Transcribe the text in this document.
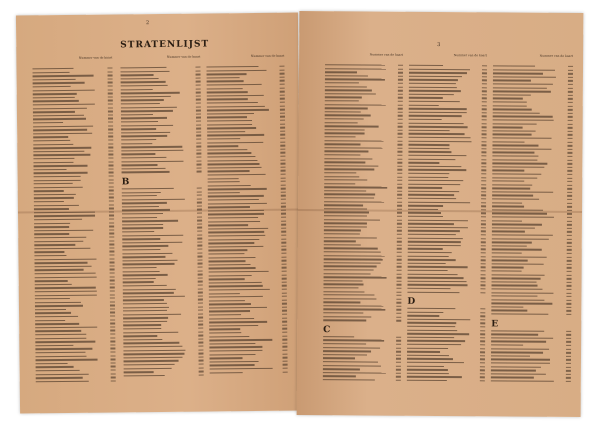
2
STRATENLIJST
Nummer van de kaart	Nummer van de kaart
B
Nummer van de kaart
3
Nummer van de kaart
C
Nummer van de kaart
D
Nummer van de kaart
E
